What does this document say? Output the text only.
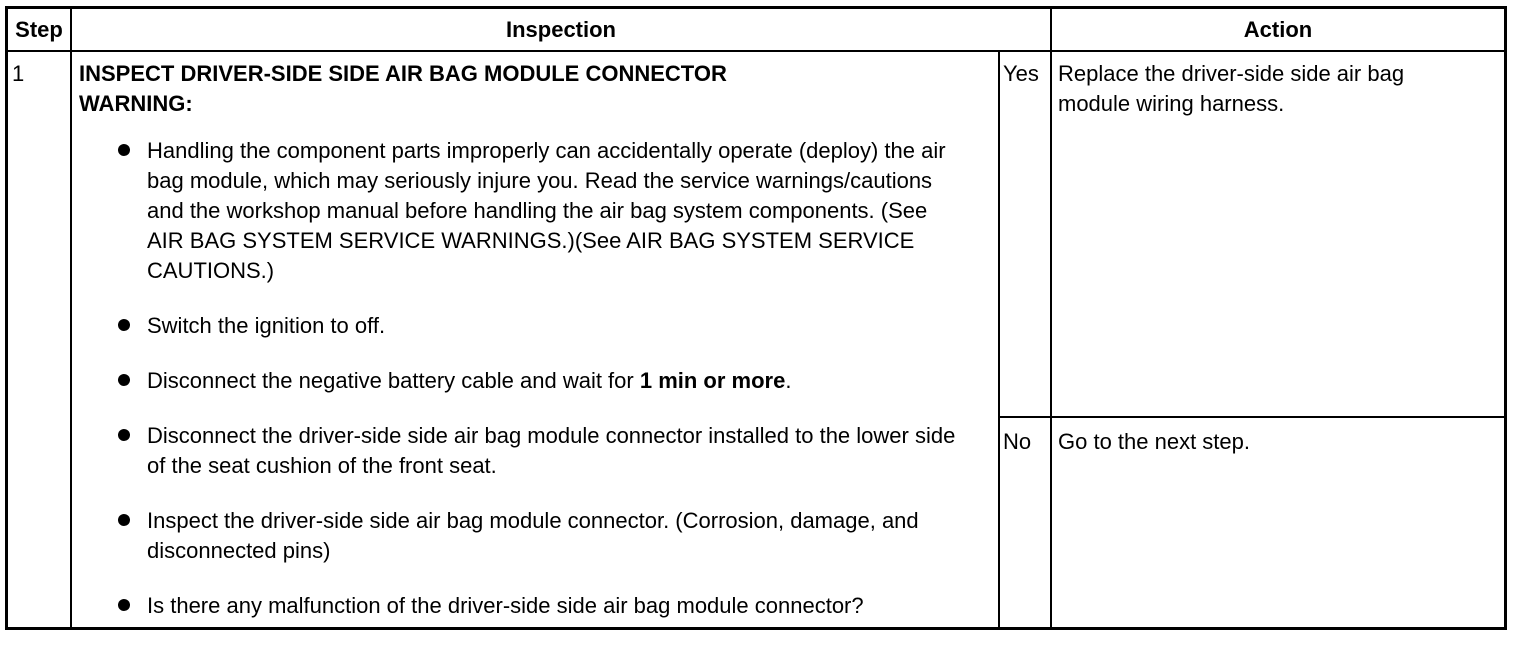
Step	Inspection	Action
1 INSPECT DRIVER-SIDE SIDE AIR BAG MODULE CONNECTOR
WARNING:
Yes Replace the driver-side side air bag module wiring harness.
No Go to the next step.
Handling the component parts improperly can accidentally operate (deploy) the air bag module, which may seriously injure you. Read the service warnings/cautions and the workshop manual before handling the air bag system components. (See AIR BAG SYSTEM SERVICE WARNINGS.)(See AIR BAG SYSTEM SERVICE CAUTIONS.)
Switch the ignition to off.
Disconnect the negative battery cable and wait for 1 min or more.
Disconnect the driver-side side air bag module connector installed to the lower side of the seat cushion of the front seat.
Inspect the driver-side side air bag module connector. (Corrosion, damage, and disconnected pins)
Is there any malfunction of the driver-side side air bag module connector?
